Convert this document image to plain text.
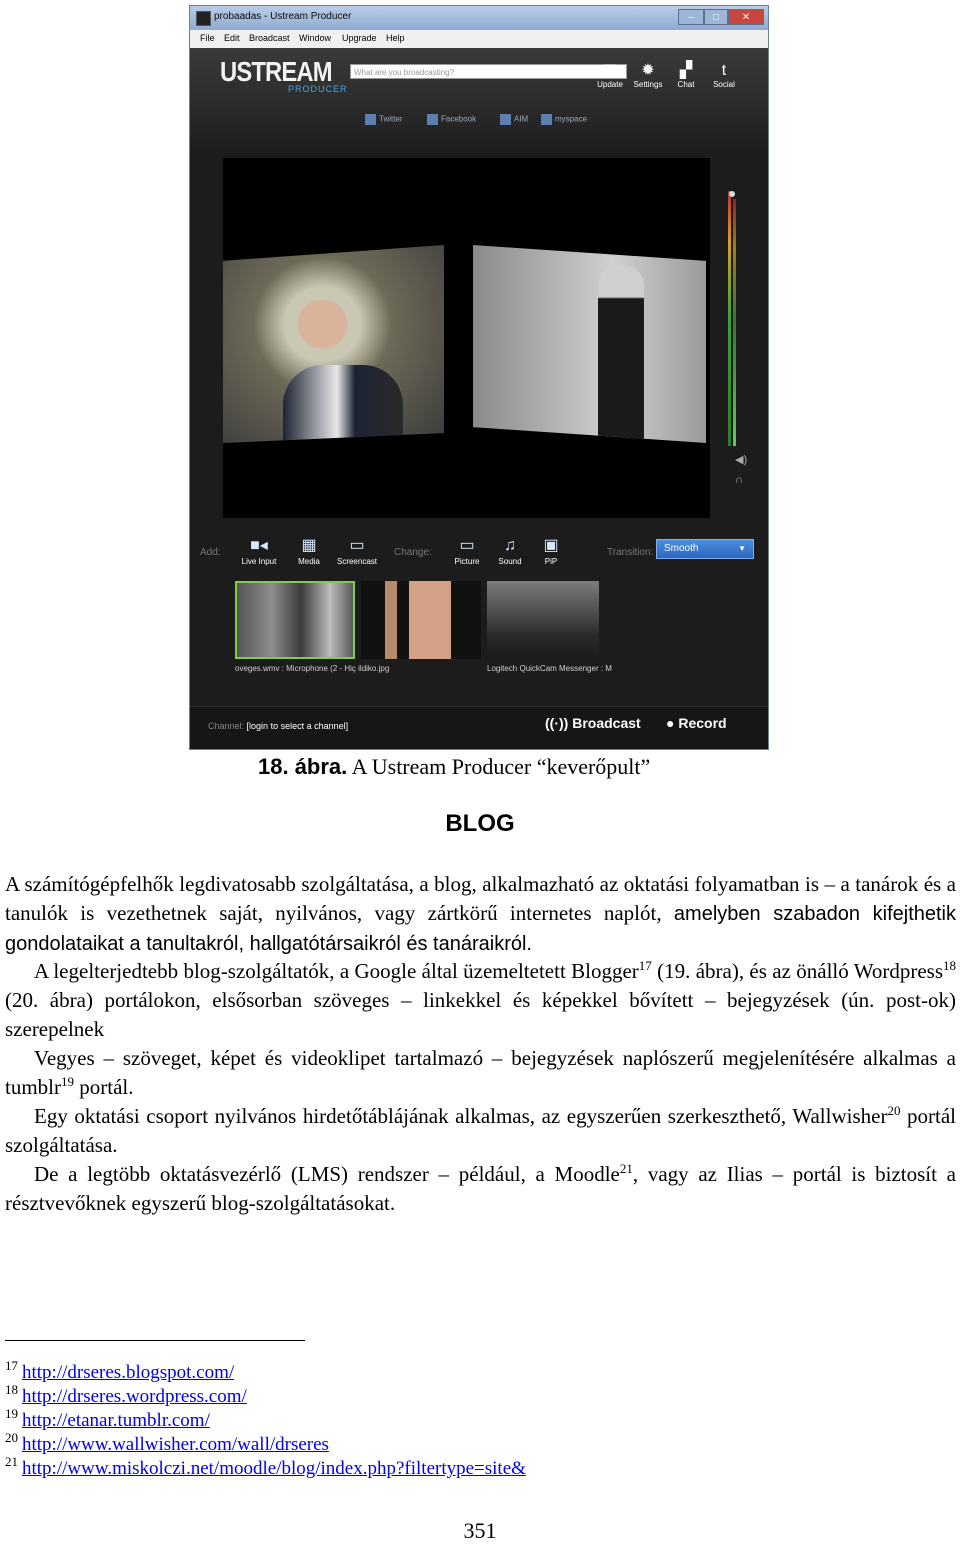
probaadas - Ustream Producer	–	□	✕
File Edit Broadcast Window Upgrade Help
USTREAM
PRODUCER
What are you broadcasting?	▤
Update
✹
Settings
▞
Chat
t
Social
Twitter	Facebook	AIM	myspace
◀)
∩
Add:	■◂
Live Input
▦
Media
▭
Screencast
Change:	▭
Picture
♫
Sound
▣
PiP
Transition:	Smooth	▼
oveges.wmv : Microphone (2 - Hiç ildiko.jpg	Logitech QuickCam Messenger : M
Channel: [login to select a channel]	((·)) Broadcast ● Record
18. ábra. A Ustream Producer “keverőpult”
BLOG
A számítógépfelhők legdivatosabb szolgáltatása, a blog, alkalmazható az oktatási folyamatban is – a tanárok és a tanulók is vezethetnek saját, nyilvános, vagy zártkörű internetes naplót, amelyben szabadon kifejthetik gondolataikat a tanultakról, hallgatótársaikról és tanáraikról.
A legelterjedtebb blog-szolgáltatók, a Google által üzemeltetett Blogger$^{17}$ (19. ábra), és az önálló Wordpress$^{18}$ (20. ábra) portálokon, elsősorban szöveges – linkekkel és képekkel bővített – bejegyzések (ún. post-ok) szerepelnek
Vegyes – szöveget, képet és videoklipet tartalmazó – bejegyzések naplószerű megjelenítésére alkalmas a tumblr$^{19}$ portál.
Egy oktatási csoport nyilvános hirdetőtáblájának alkalmas, az egyszerűen szerkeszthető, Wallwisher$^{20}$ portál szolgáltatása.
De a legtöbb oktatásvezérlő (LMS) rendszer – például, a Moodle$^{21}$, vagy az Ilias – portál is biztosít a résztvevőknek egyszerű blog-szolgáltatásokat.
$^{17}$ http://drseres.blogspot.com/
$^{18}$ http://drseres.wordpress.com/
$^{19}$ http://etanar.tumblr.com/
$^{20}$ http://www.wallwisher.com/wall/drseres
$^{21}$ http://www.miskolczi.net/moodle/blog/index.php?filtertype=site&
351
